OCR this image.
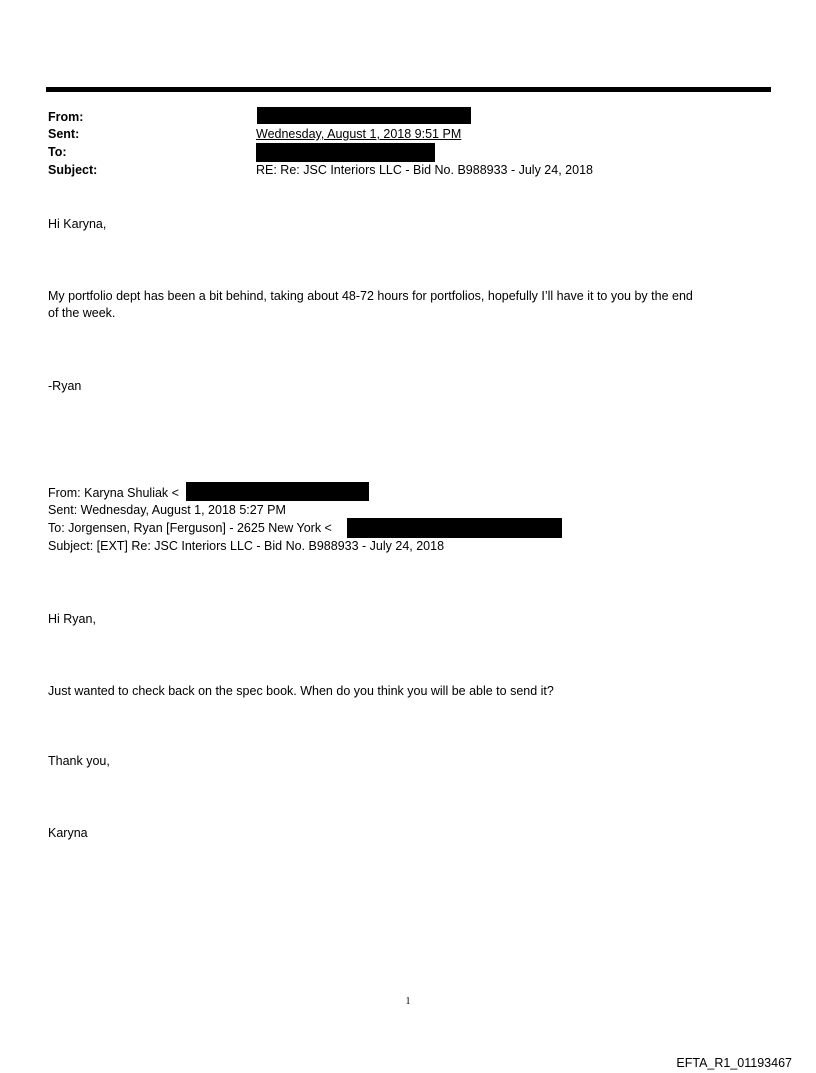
From:
Sent:	Wednesday, August 1, 2018 9:51 PM
To:
Subject:	RE: Re: JSC Interiors LLC - Bid No. B988933 - July 24, 2018
Hi Karyna,
My portfolio dept has been a bit behind, taking about 48-72 hours for portfolios, hopefully I’ll have it to you by the end
of the week.
-Ryan
From: Karyna Shuliak <
Sent: Wednesday, August 1, 2018 5:27 PM
To: Jorgensen, Ryan [Ferguson] - 2625 New York <
Subject: [EXT] Re: JSC Interiors LLC - Bid No. B988933 - July 24, 2018
Hi Ryan,
Just wanted to check back on the spec book. When do you think you will be able to send it?
Thank you,
Karyna
1
EFTA_R1_01193467
